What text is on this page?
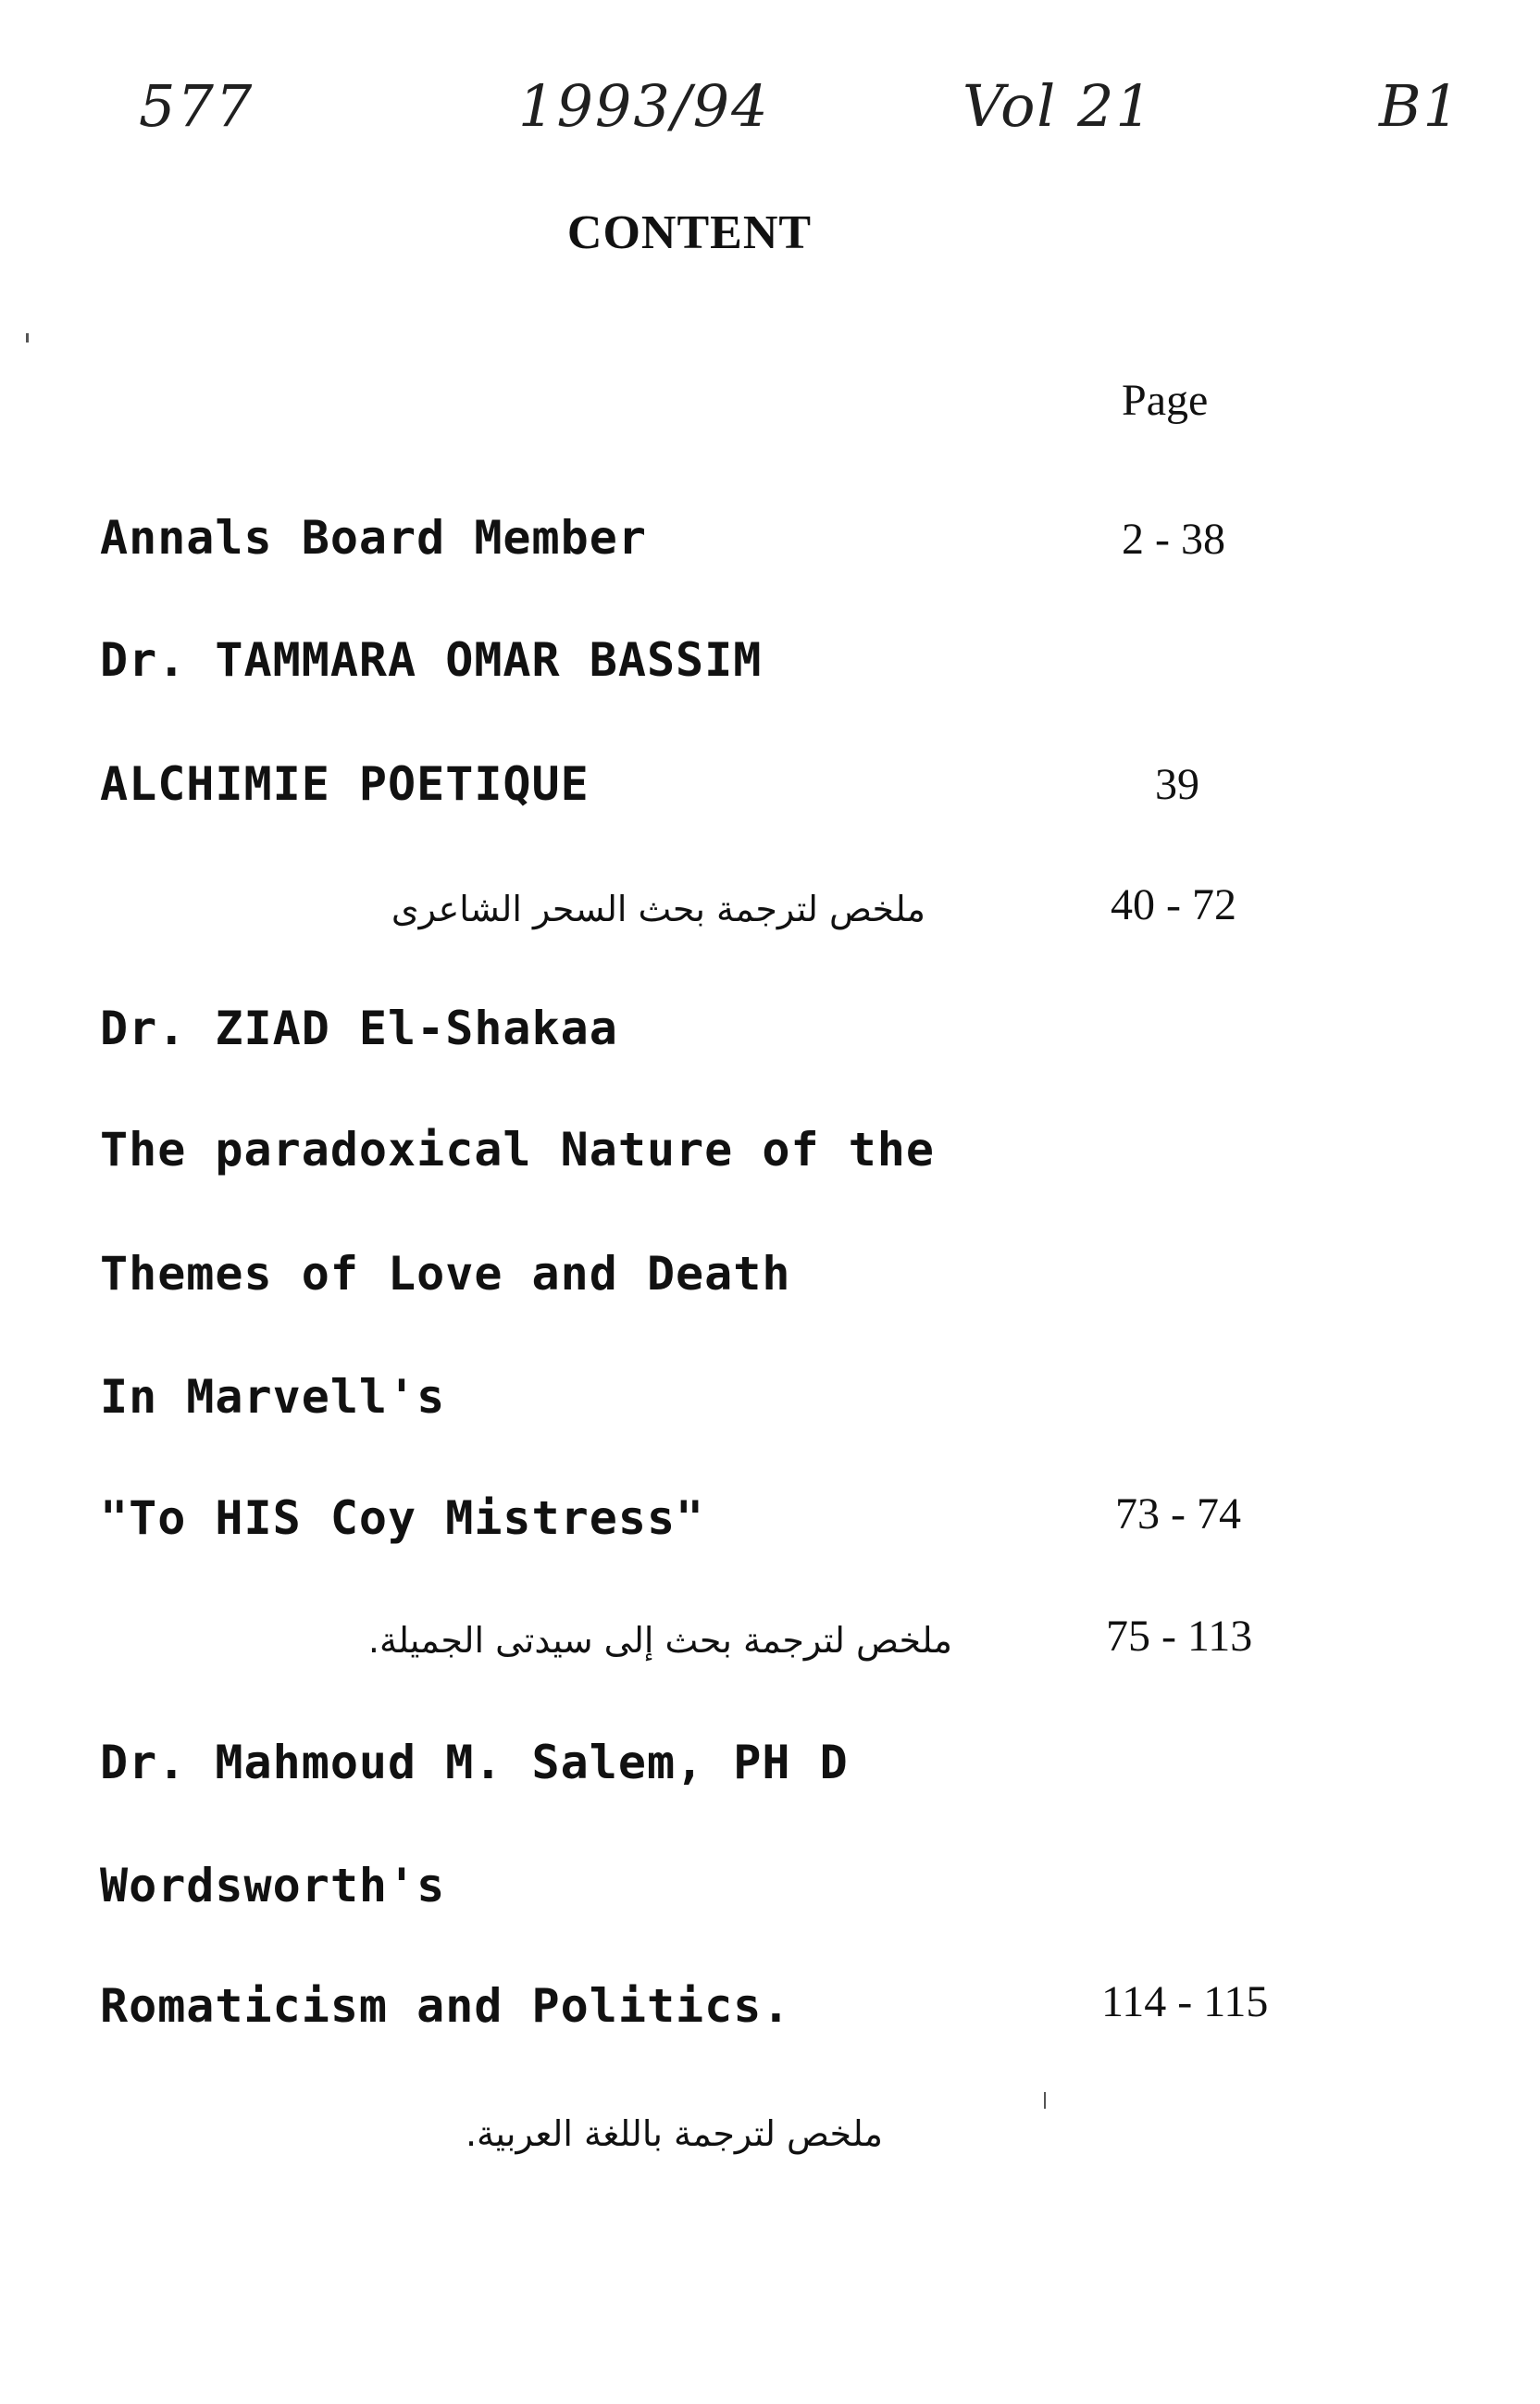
577	1993/94	Vol 21	B1
CONTENT
Page
Annals Board Member	2 - 38
Dr. TAMMARA OMAR BASSIM
ALCHIMIE POETIQUE	39
ملخص لترجمة بحث السحر الشاعرى	40 - 72
Dr. ZIAD El-Shakaa
The paradoxical Nature of the
Themes of Love and Death
In Marvell's
"To HIS Coy Mistress"	73 - 74
ملخص لترجمة بحث إلى سيدتى الجميلة.	75 - 113
Dr. Mahmoud M. Salem, PH D
Wordsworth's
Romaticism and Politics.	114 - 115
ملخص لترجمة باللغة العربية.
